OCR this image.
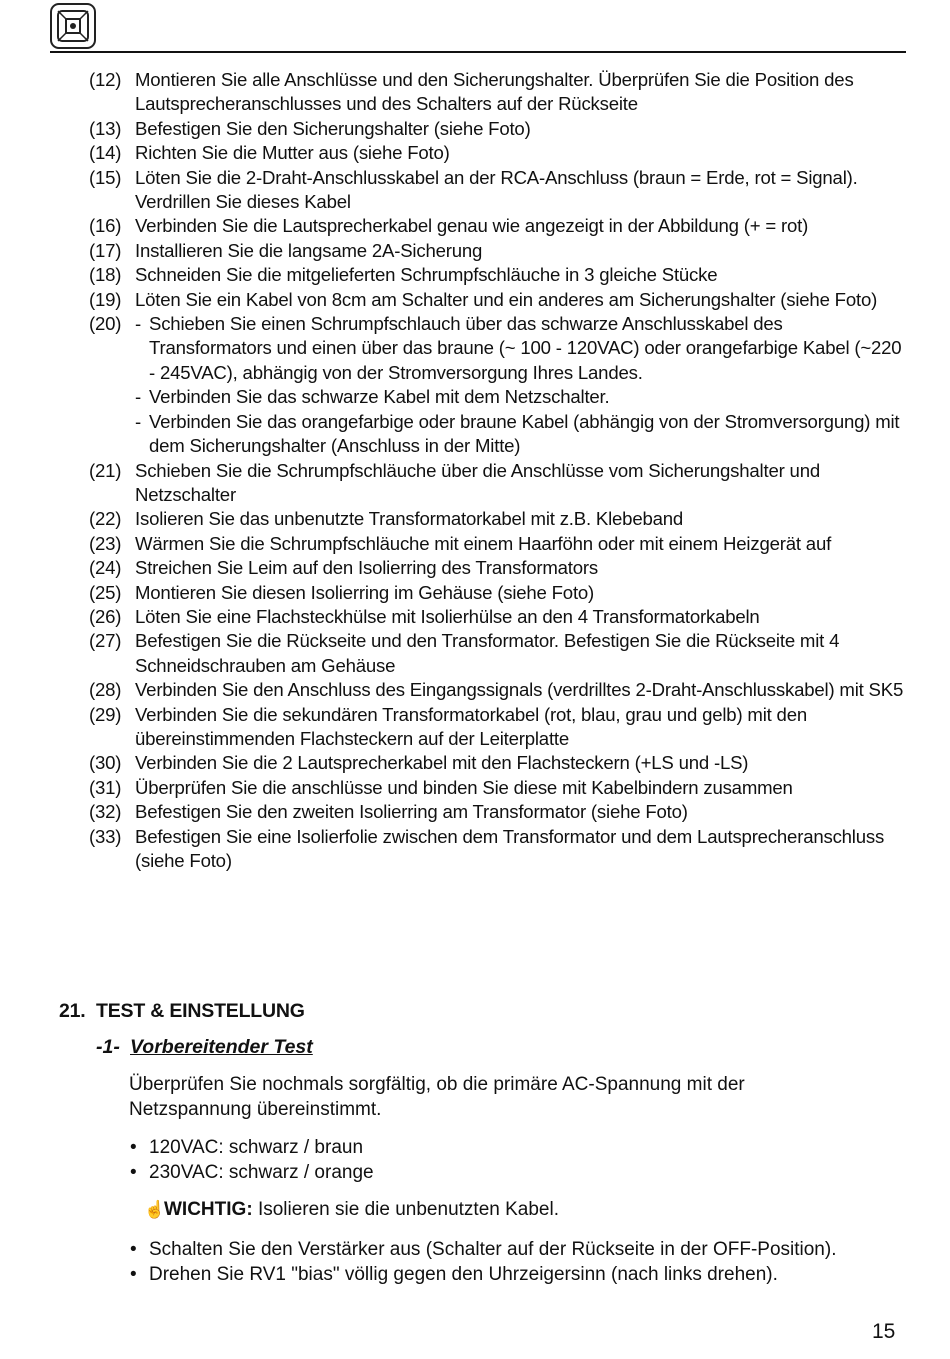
(12) Montieren Sie alle Anschlüsse und den Sicherungshalter. Überprüfen Sie die Position des Lautsprecheranschlusses und des Schalters auf der Rückseite
(13) Befestigen Sie den Sicherungshalter (siehe Foto)
(14) Richten Sie die Mutter aus (siehe Foto)
(15) Löten Sie die 2-Draht-Anschlusskabel an der RCA-Anschluss (braun = Erde, rot = Signal). Verdrillen Sie dieses Kabel
(16) Verbinden Sie die Lautsprecherkabel genau wie angezeigt in der Abbildung (+ = rot)
(17) Installieren Sie die langsame 2A-Sicherung
(18) Schneiden Sie die mitgelieferten Schrumpfschläuche in 3 gleiche Stücke
(19) Löten Sie ein Kabel von 8cm am Schalter und ein anderes am Sicherungshalter (siehe Foto)
(20) - Schieben Sie einen Schrumpfschlauch über das schwarze Anschlusskabel des Transformators und einen über das braune (~ 100 - 120VAC) oder orangefarbige Kabel (~220 - 245VAC), abhängig von der Stromversorgung Ihres Landes.
- Verbinden Sie das schwarze Kabel mit dem Netzschalter.
- Verbinden Sie das orangefarbige oder braune Kabel (abhängig von der Stromversorgung) mit dem Sicherungshalter (Anschluss in der Mitte)
(21) Schieben Sie die Schrumpfschläuche über die Anschlüsse vom Sicherungshalter und Netzschalter
(22) Isolieren Sie das unbenutzte Transformatorkabel mit z.B. Klebeband
(23) Wärmen Sie die Schrumpfschläuche mit einem Haarföhn oder mit einem Heizgerät auf
(24) Streichen Sie Leim auf den Isolierring des Transformators
(25) Montieren Sie diesen Isolierring im Gehäuse (siehe Foto)
(26) Löten Sie eine Flachsteckhülse mit Isolierhülse an den 4 Transformatorkabeln
(27) Befestigen Sie die Rückseite und den Transformator. Befestigen Sie die Rückseite mit 4 Schneidschrauben am Gehäuse
(28) Verbinden Sie den Anschluss des Eingangssignals (verdrilltes 2-Draht-Anschlusskabel) mit SK5
(29) Verbinden Sie die sekundären Transformatorkabel (rot, blau, grau und gelb) mit den übereinstimmenden Flachsteckern auf der Leiterplatte
(30) Verbinden Sie die 2 Lautsprecherkabel mit den Flachsteckern (+LS und -LS)
(31) Überprüfen Sie die anschlüsse und binden Sie diese mit Kabelbindern zusammen
(32) Befestigen Sie den zweiten Isolierring am Transformator (siehe Foto)
(33) Befestigen Sie eine Isolierfolie zwischen dem Transformator und dem Lautsprecheranschluss (siehe Foto)
21. TEST & EINSTELLUNG
-1- Vorbereitender Test
Überprüfen Sie nochmals sorgfältig, ob die primäre AC-Spannung mit der Netzspannung übereinstimmt.
• 120VAC: schwarz / braun
• 230VAC: schwarz / orange
☝WICHTIG: Isolieren sie die unbenutzten Kabel.
• Schalten Sie den Verstärker aus (Schalter auf der Rückseite in der OFF-Position).
• Drehen Sie RV1 "bias" völlig gegen den Uhrzeigersinn (nach links drehen).
15
